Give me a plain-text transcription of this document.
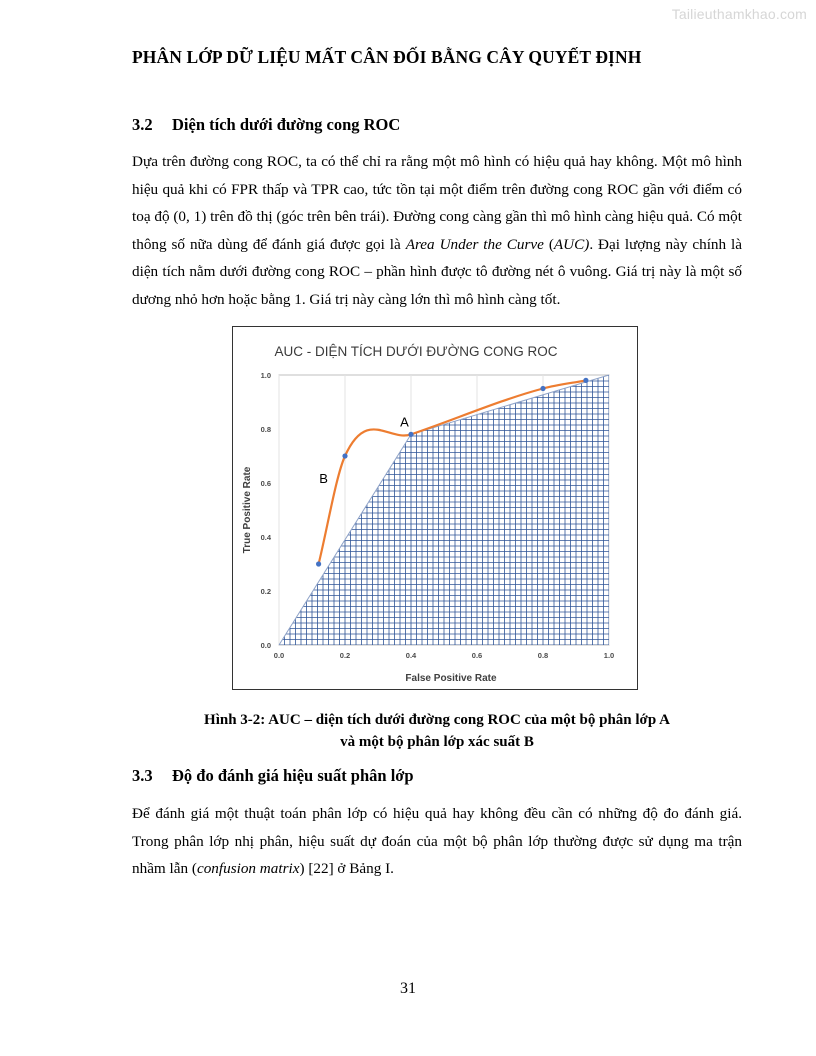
Tailieuthamkhao.com
PHÂN LỚP DỮ LIỆU MẤT CÂN ĐỐI BẰNG CÂY QUYẾT ĐỊNH
3.2 Diện tích dưới đường cong ROC

Dựa trên đường cong ROC, ta có thể chỉ ra rằng một mô hình có hiệu quả hay không. Một mô hình hiệu quả khi có FPR thấp và TPR cao, tức tồn tại một điểm trên đường cong ROC gần với điểm có toạ độ (0, 1) trên đồ thị (góc trên bên trái). Đường cong càng gần thì mô hình càng hiệu quả. Có một thông số nữa dùng để đánh giá được gọi là Area Under the Curve (AUC). Đại lượng này chính là diện tích nằm dưới đường cong ROC – phần hình được tô đường nét ô vuông. Giá trị này là một số dương nhỏ hơn hoặc bằng 1. Giá trị này càng lớn thì mô hình càng tốt.

AUC - DIỆN TÍCH DƯỚI ĐƯỜNG CONG ROC
0.0	0.2	0.4	0.6	0.8	1.0
0.0
0.2
0.4
0.6
0.8
1.0
False Positive Rate
True Positive Rate
A
B

Hình 3-2: AUC – diện tích dưới đường cong ROC của một bộ phân lớp A
và một bộ phân lớp xác suất B

3.3 Độ đo đánh giá hiệu suất phân lớp

Để đánh giá một thuật toán phân lớp có hiệu quả hay không đều cần có những độ đo đánh giá. Trong phân lớp nhị phân, hiệu suất dự đoán của một bộ phân lớp thường được sử dụng ma trận nhầm lẫn (confusion matrix) [22] ở Bảng I.

31
